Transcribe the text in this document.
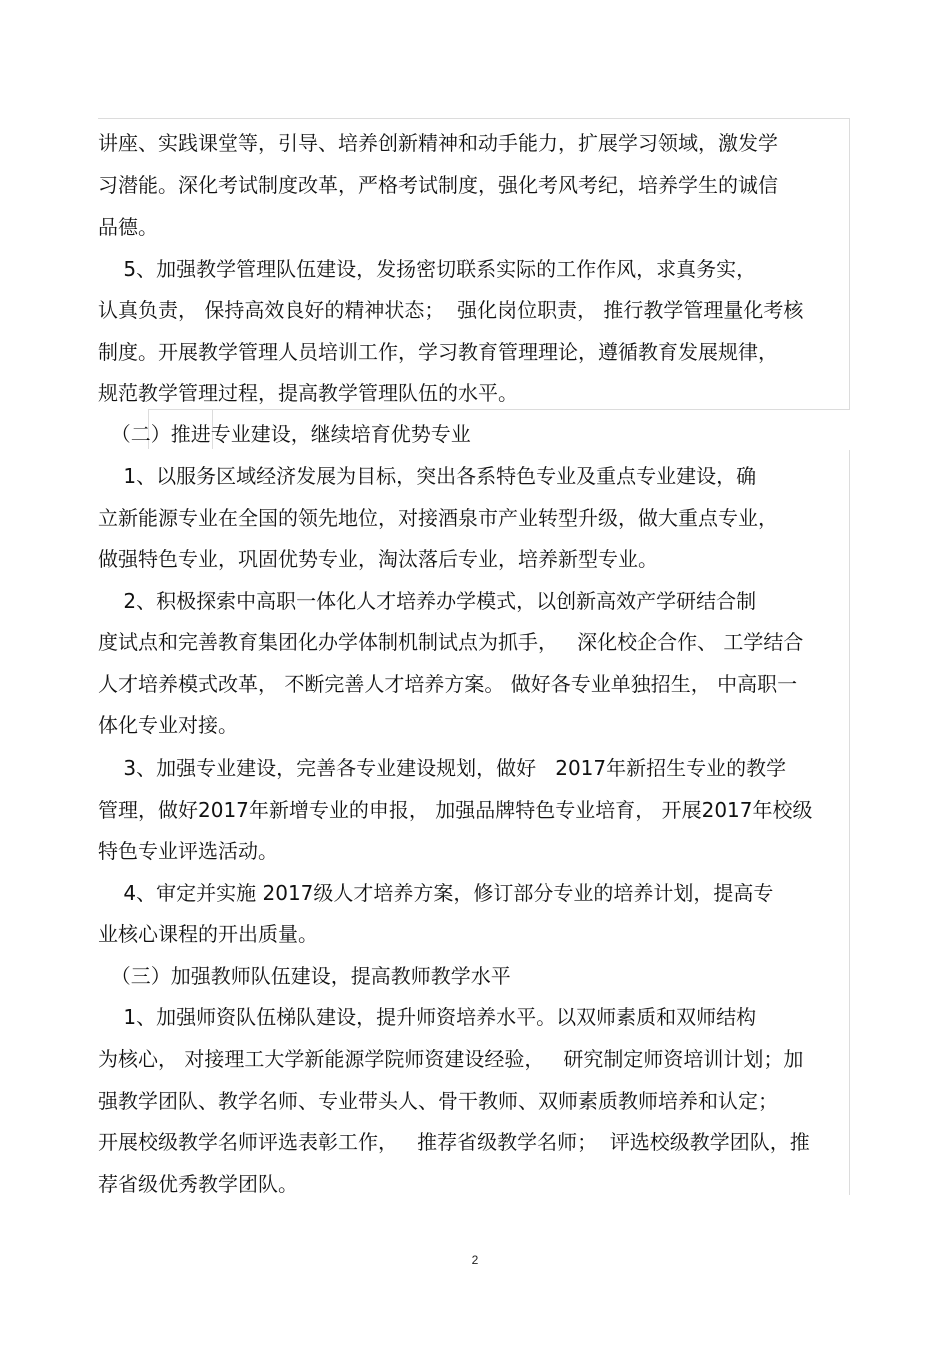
讲座、实践课堂等，引导、培养创新精神和动手能力，扩展学习领域，激发学
习潜能。深化考试制度改革，严格考试制度，强化考风考纪，培养学生的诚信
品德。
5、加强教学管理队伍建设，发扬密切联系实际的工作作风，求真务实，
认真负责， 保持高效良好的精神状态；  强化岗位职责， 推行教学管理量化考核
制度。开展教学管理人员培训工作，学习教育管理理论，遵循教育发展规律，
规范教学管理过程，提高教学管理队伍的水平。
（二）推进专业建设，继续培育优势专业
1、以服务区域经济发展为目标，突出各系特色专业及重点专业建设，确
立新能源专业在全国的领先地位，对接酒泉市产业转型升级，做大重点专业，
做强特色专业，巩固优势专业，淘汰落后专业，培养新型专业。
2、积极探索中高职一体化人才培养办学模式，以创新高效产学研结合制
度试点和完善教育集团化办学体制机制试点为抓手，   深化校企合作、 工学结合
人才培养模式改革， 不断完善人才培养方案。 做好各专业单独招生， 中高职一
体化专业对接。
3、加强专业建设，完善各专业建设规划，做好   2017年新招生专业的教学
管理，做好2017年新增专业的申报， 加强品牌特色专业培育， 开展2017年校级
特色专业评选活动。
4、审定并实施 2017级人才培养方案，修订部分专业的培养计划，提高专
业核心课程的开出质量。
（三）加强教师队伍建设，提高教师教学水平
1、加强师资队伍梯队建设，提升师资培养水平。以双师素质和双师结构
为核心， 对接理工大学新能源学院师资建设经验，   研究制定师资培训计划；加
强教学团队、教学名师、专业带头人、骨干教师、双师素质教师培养和认定；
开展校级教学名师评选表彰工作，   推荐省级教学名师；  评选校级教学团队，推
荐省级优秀教学团队。
2
